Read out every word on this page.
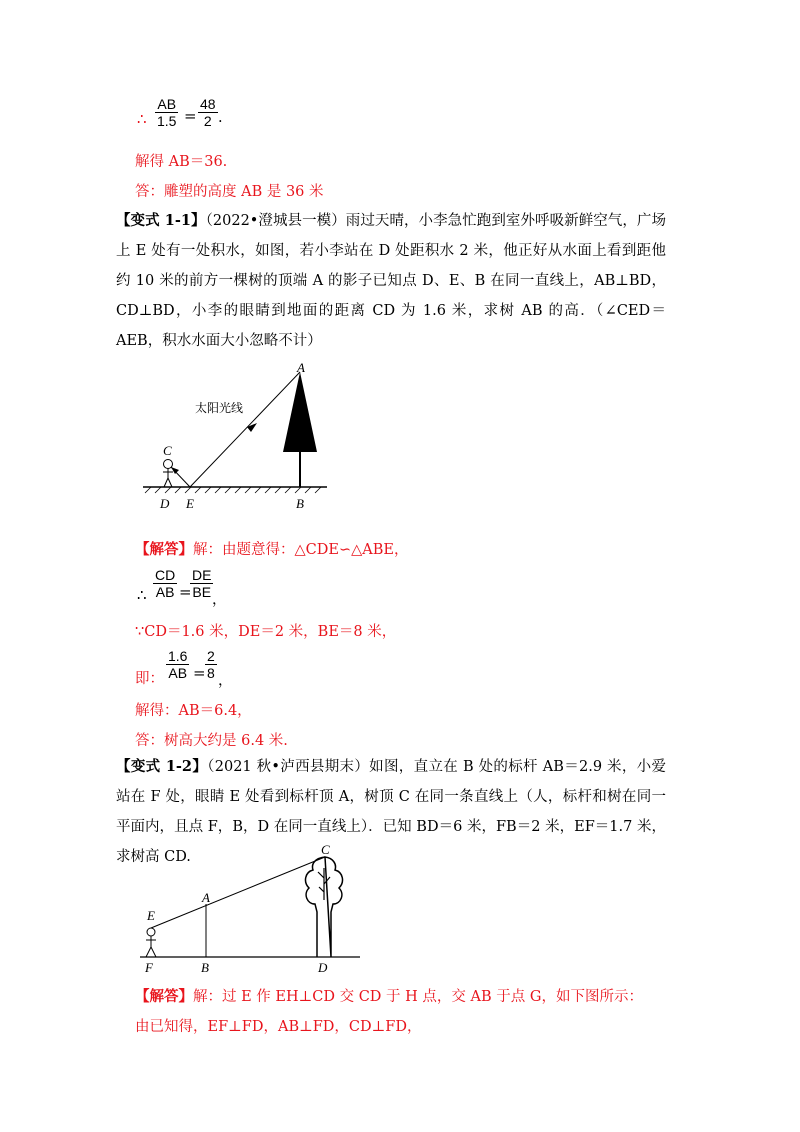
∴
AB
1.5 =
48
2 .
解得 AB＝36.
答：雕塑的高度 AB 是 36 米
【变式 1-1】（2022•澄城县一模）雨过天晴，小李急忙跑到室外呼吸新鲜空气，广场上 E 处有一处积水，如图，若小李站在 D 处距积水 2 米，他正好从水面上看到距他约 10 米的前方一棵树的顶端 A 的影子已知点 D、E、B 在同一直线上，AB⊥BD，CD⊥BD，小李的眼睛到地面的距离 CD 为 1.6 米，求树 AB 的高．（∠CED＝AEB，积水水面大小忽略不计）
太阳光线
A
B
C
D E
【解答】解：由题意得：△CDE∽△ABE，
∴
CD
AB =
DE
BE ，
∵CD＝1.6 米，DE＝2 米，BE＝8 米，
即：
1.6
AB =
2
8 ，
解得：AB＝6.4，
答：树高大约是 6.4 米.
【变式 1-2】（2021 秋•泸西县期末）如图，直立在 B 处的标杆 AB＝2.9 米，小爱站在 F 处，眼睛 E 处看到标杆顶 A，树顶 C 在同一条直线上（人，标杆和树在同一平面内，且点 F，B，D 在同一直线上）．已知 BD＝6 米，FB＝2 米，EF＝1.7 米，求树高 CD.	C
A
E
F	B	D
【解答】解：过 E 作 EH⊥CD 交 CD 于 H 点，交 AB 于点 G，如下图所示：
由已知得，EF⊥FD，AB⊥FD，CD⊥FD，
